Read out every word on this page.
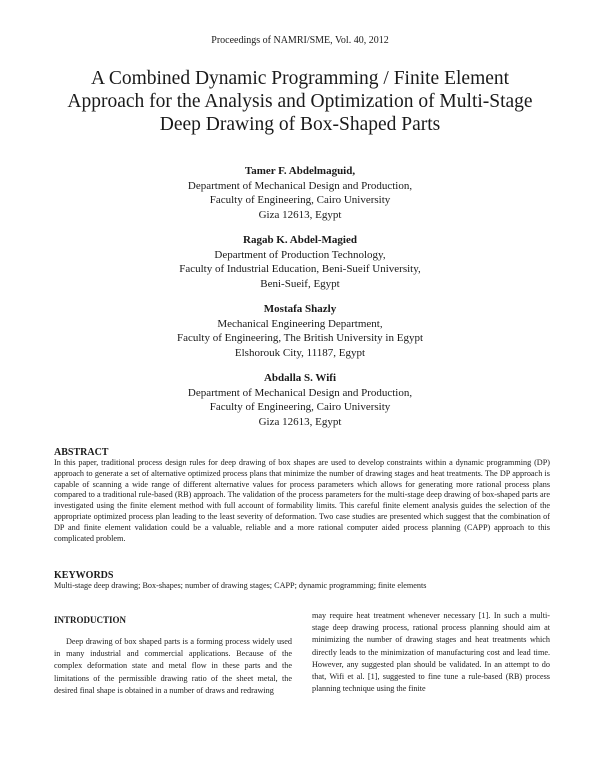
Proceedings of NAMRI/SME, Vol. 40, 2012
A Combined Dynamic Programming / Finite Element
Approach for the Analysis and Optimization of Multi-Stage
Deep Drawing of Box-Shaped Parts
Tamer F. Abdelmaguid,
Department of Mechanical Design and Production,
Faculty of Engineering, Cairo University
Giza 12613, Egypt
Ragab K. Abdel-Magied
Department of Production Technology,
Faculty of Industrial Education, Beni-Sueif University,
Beni-Sueif, Egypt
Mostafa Shazly
Mechanical Engineering Department,
Faculty of Engineering, The British University in Egypt
Elshorouk City, 11187, Egypt
Abdalla S. Wifi
Department of Mechanical Design and Production,
Faculty of Engineering, Cairo University
Giza 12613, Egypt
ABSTRACT

In this paper, traditional process design rules for deep drawing of box shapes are used to develop constraints within a dynamic programming (DP) approach to generate a set of alternative optimized process plans that minimize the number of drawing stages and heat treatments. The DP approach is capable of scanning a wide range of different alternative values for process parameters which allows for generating more rational process plans compared to a traditional rule-based (RB) approach. The validation of the process parameters for the multi-stage deep drawing of box-shaped parts are investigated using the finite element method with full account of formability limits. This careful finite element analysis guides the selection of the appropriate optimized process plan leading to the least severity of deformation. Two case studies are presented which suggest that the combination of DP and finite element validation could be a valuable, reliable and a more rational computer aided process planning (CAPP) approach to this complicated problem.

KEYWORDS

Multi-stage deep drawing; Box-shapes; number of drawing stages; CAPP; dynamic programming; finite elements

INTRODUCTION

Deep drawing of box shaped parts is a forming process widely used in many industrial and commercial applications. Because of the complex deformation state and metal flow in these parts and the limitations of the permissible drawing ratio of the sheet metal, the desired final shape is obtained in a number of draws and redrawing

may require heat treatment whenever necessary [1]. In such a multi-stage deep drawing process, rational process planning should aim at minimizing the number of drawing stages and heat treatments which directly leads to the minimization of manufacturing cost and lead time. However, any suggested plan should be validated. In an attempt to do that, Wifi et al. [1], suggested to fine tune a rule-based (RB) process planning technique using the finite
